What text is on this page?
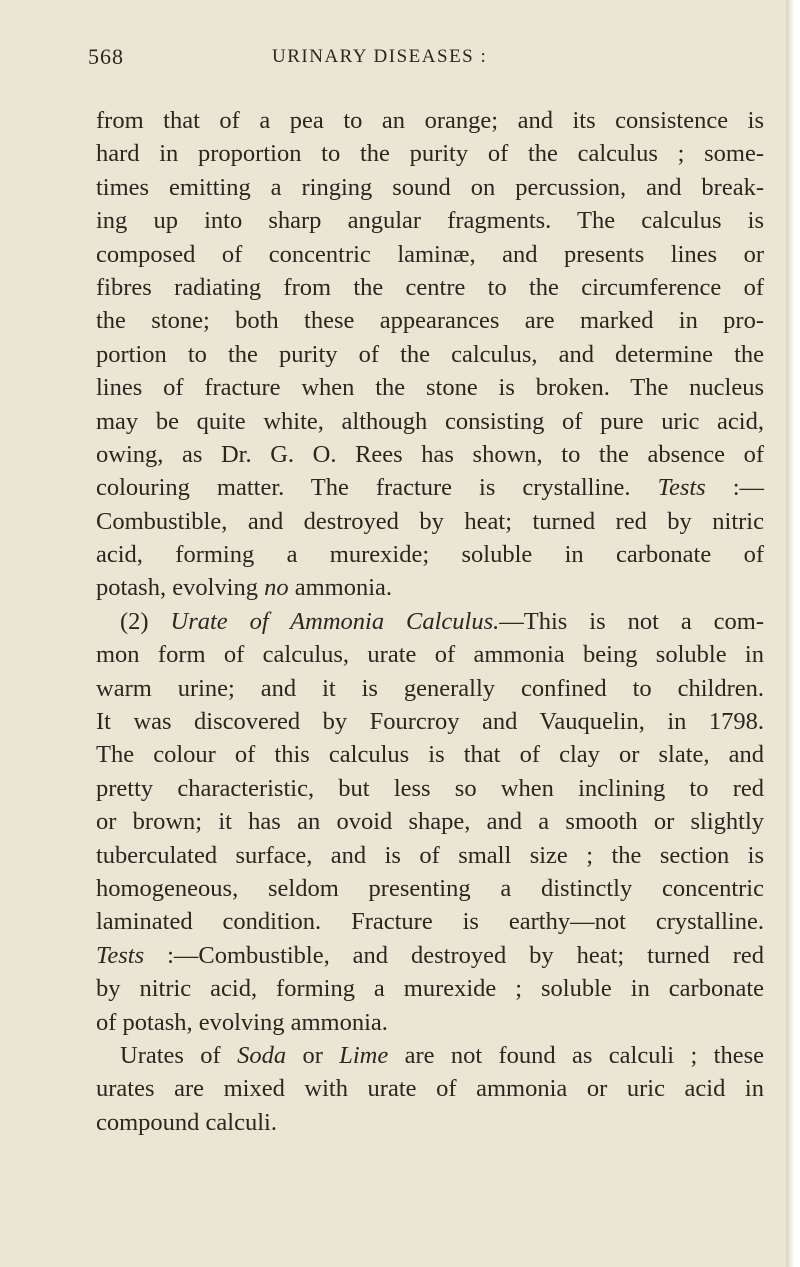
568	URINARY DISEASES :
from that of a pea to an orange; and its consistence is
hard in proportion to the purity of the calculus ; some-
times emitting a ringing sound on percussion, and break-
ing up into sharp angular fragments. The calculus is
composed of concentric laminæ, and presents lines or
fibres radiating from the centre to the circumference of
the stone; both these appearances are marked in pro-
portion to the purity of the calculus, and determine the
lines of fracture when the stone is broken. The nucleus
may be quite white, although consisting of pure uric acid,
owing, as Dr. G. O. Rees has shown, to the absence of
colouring matter. The fracture is crystalline. Tests :—
Combustible, and destroyed by heat; turned red by nitric
acid, forming a murexide; soluble in carbonate of
potash, evolving no ammonia.
(2) Urate of Ammonia Calculus.—This is not a com-
mon form of calculus, urate of ammonia being soluble in
warm urine; and it is generally confined to children.
It was discovered by Fourcroy and Vauquelin, in 1798.
The colour of this calculus is that of clay or slate, and
pretty characteristic, but less so when inclining to red
or brown; it has an ovoid shape, and a smooth or slightly
tuberculated surface, and is of small size ; the section is
homogeneous, seldom presenting a distinctly concentric
laminated condition. Fracture is earthy—not crystalline.
Tests :—Combustible, and destroyed by heat; turned red
by nitric acid, forming a murexide ; soluble in carbonate
of potash, evolving ammonia.
Urates of Soda or Lime are not found as calculi ; these
urates are mixed with urate of ammonia or uric acid in
compound calculi.
